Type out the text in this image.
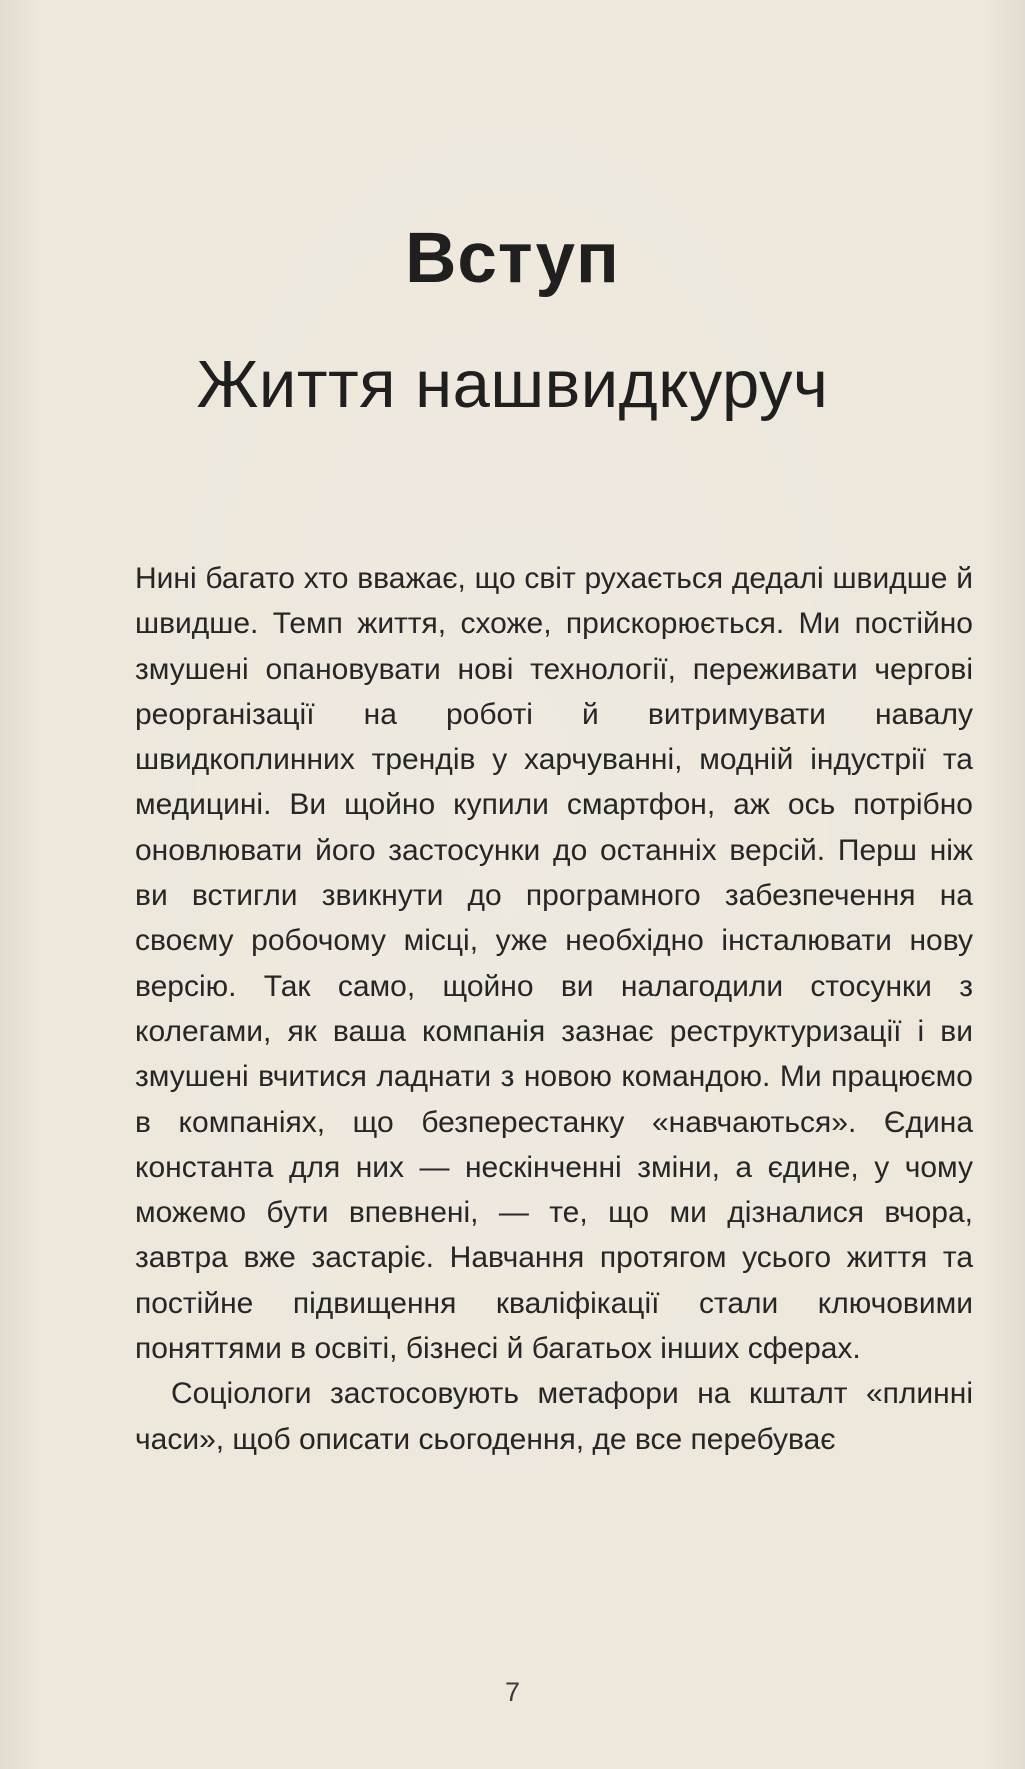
Вступ
Життя нашвидкуруч

Нині багато хто вважає, що світ рухається дедалі швидше й швидше. Темп життя, схоже, прискорюється. Ми постійно змушені опановувати нові технології, переживати чергові реорганізації на роботі й витримувати навалу швидкоплинних трендів у харчуванні, модній індустрії та медицині. Ви щойно купили смартфон, аж ось потрібно оновлювати його застосунки до останніх версій. Перш ніж ви встигли звикнути до програмного забезпечення на своєму робочому місці, уже необхідно інсталювати нову версію. Так само, щойно ви налагодили стосунки з колегами, як ваша компанія зазнає реструктуризації і ви змушені вчитися ладнати з новою командою. Ми працюємо в компаніях, що безперестанку «навчаються». Єдина константа для них — нескінченні зміни, а єдине, у чому можемо бути впевнені, — те, що ми дізналися вчора, завтра вже застаріє. Навчання протягом усього життя та постійне підвищення кваліфікації стали ключовими поняттями в освіті, бізнесі й багатьох інших сферах.

Соціологи застосовують метафори на кшталт «плинні часи», щоб описати сьогодення, де все перебуває

7
